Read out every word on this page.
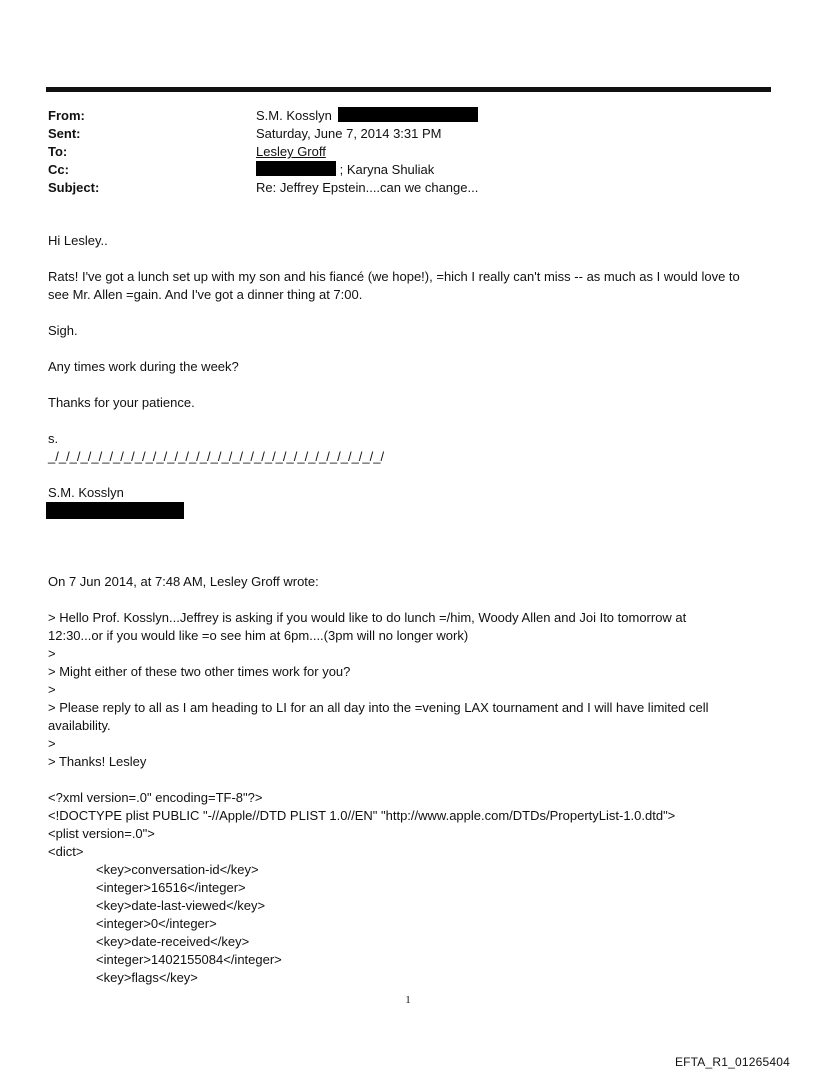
From:	S.M. Kosslyn
Sent:	Saturday, June 7, 2014 3:31 PM
To:	Lesley Groff
Cc:	; Karyna Shuliak
Subject:	Re: Jeffrey Epstein....can we change...

Hi Lesley..

Rats! I've got a lunch set up with my son and his fiancé (we hope!), =hich I really can't miss -- as much as I would love to

see Mr. Allen =gain. And I've got a dinner thing at 7:00.

Sigh.

Any times work during the week?

Thanks for your patience.

s.

_/_/_/_/_/_/_/_/_/_/_/_/_/_/_/_/_/_/_/_/_/_/_/_/_/_/_/_/_/_/_/

S.M. Kosslyn

On 7 Jun 2014, at 7:48 AM, Lesley Groff wrote:

> Hello Prof. Kosslyn...Jeffrey is asking if you would like to do lunch =/him, Woody Allen and Joi Ito tomorrow at

12:30...or if you would like =o see him at 6pm....(3pm will no longer work)

>

> Might either of these two other times work for you?

>

> Please reply to all as I am heading to LI for an all day into the =vening LAX tournament and I will have limited cell

availability.

>

> Thanks! Lesley

<?xml version=.0" encoding=TF-8"?>

<!DOCTYPE plist PUBLIC "-//Apple//DTD PLIST 1.0//EN" "http://www.apple.com/DTDs/PropertyList-1.0.dtd">

<plist version=.0">

<dict>

<key>conversation-id</key>

<integer>16516</integer>

<key>date-last-viewed</key>

<integer>0</integer>

<key>date-received</key>

<integer>1402155084</integer>

<key>flags</key>

1
EFTA_R1_01265404
